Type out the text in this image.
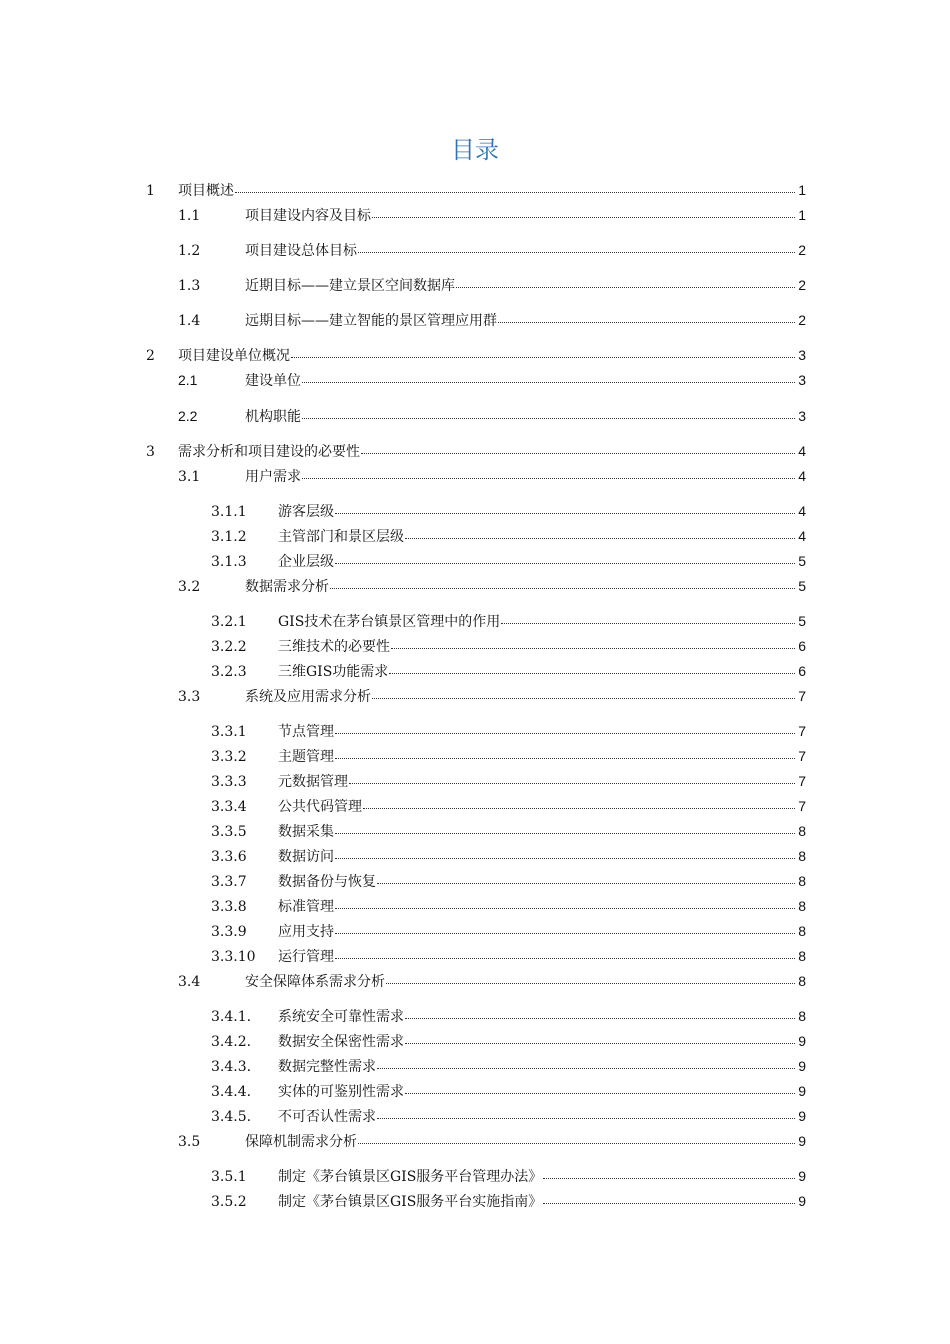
目录
1	项目概述	1
1.1	项目建设内容及目标	1
1.2	项目建设总体目标	2
1.3	近期目标——建立景区空间数据库	2
1.4	远期目标——建立智能的景区管理应用群	2
2	项目建设单位概况	3
2.1	建设单位	3
2.2	机构职能	3
3	需求分析和项目建设的必要性	4
3.1	用户需求	4
3.1.1	游客层级	4
3.1.2	主管部门和景区层级	4
3.1.3	企业层级	5
3.2	数据需求分析	5
3.2.1	GIS技术在茅台镇景区管理中的作用	5
3.2.2	三维技术的必要性	6
3.2.3	三维GIS功能需求	6
3.3	系统及应用需求分析	7
3.3.1	节点管理	7
3.3.2	主题管理	7
3.3.3	元数据管理	7
3.3.4	公共代码管理	7
3.3.5	数据采集	8
3.3.6	数据访问	8
3.3.7	数据备份与恢复	8
3.3.8	标准管理	8
3.3.9	应用支持	8
3.3.10	运行管理	8
3.4	安全保障体系需求分析	8
3.4.1.	系统安全可靠性需求	8
3.4.2.	数据安全保密性需求	9
3.4.3.	数据完整性需求	9
3.4.4.	实体的可鉴别性需求	9
3.4.5.	不可否认性需求	9
3.5	保障机制需求分析	9
3.5.1	制定《茅台镇景区GIS服务平台管理办法》	9
3.5.2	制定《茅台镇景区GIS服务平台实施指南》	9
